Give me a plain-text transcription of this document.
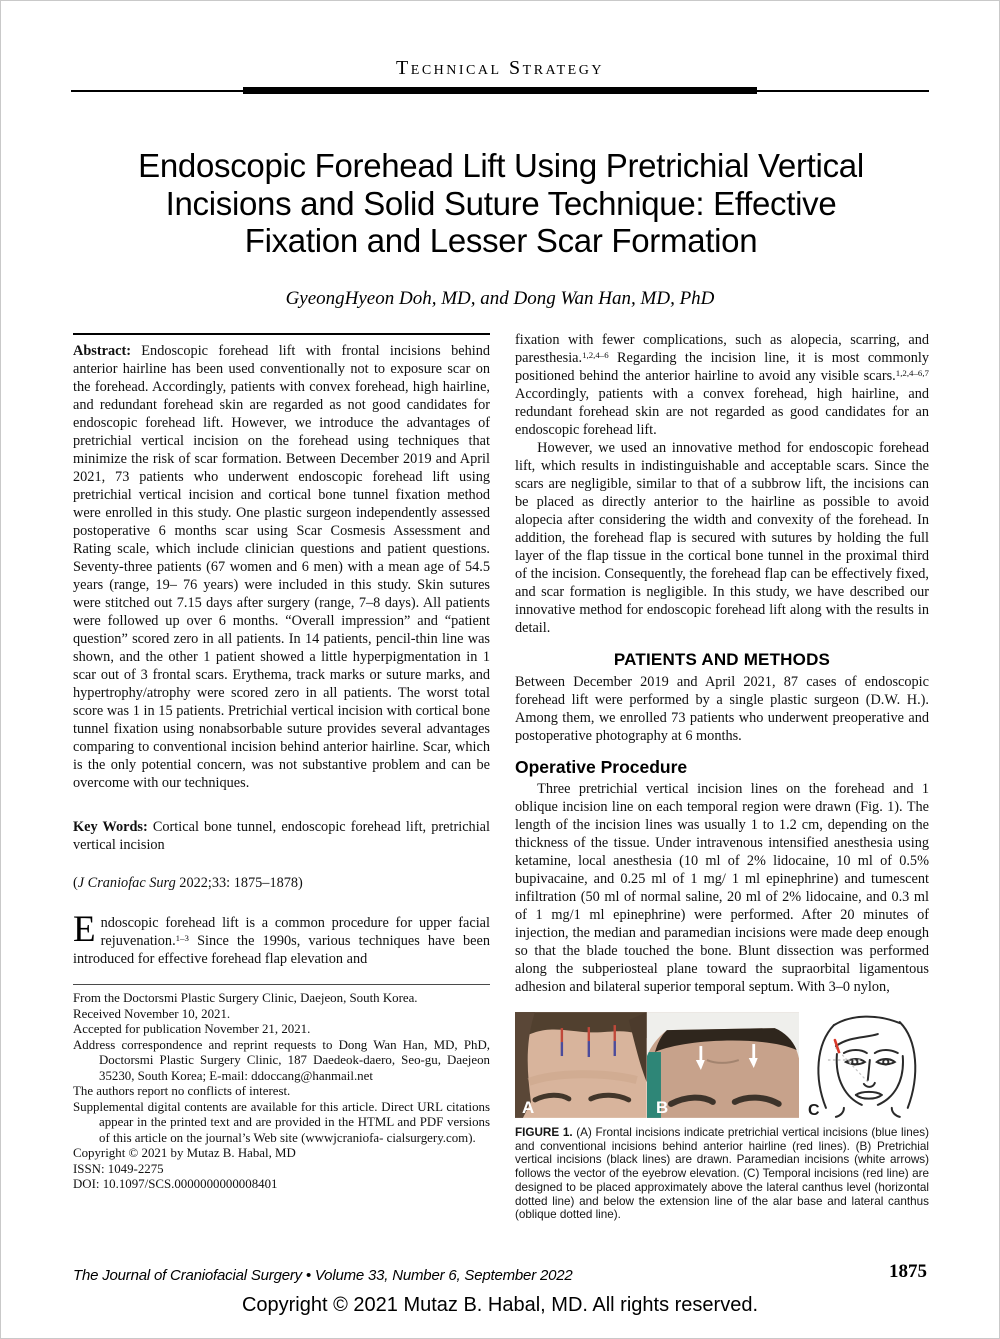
Technical Strategy
Endoscopic Forehead Lift Using Pretrichial Vertical
Incisions and Solid Suture Technique: Effective
Fixation and Lesser Scar Formation
GyeongHyeon Doh, MD, and Dong Wan Han, MD, PhD

Abstract: Endoscopic forehead lift with frontal incisions behind anterior hairline has been used conventionally not to exposure scar on the forehead. Accordingly, patients with convex forehead, high hairline, and redundant forehead skin are regarded as not good candidates for endoscopic forehead lift. However, we introduce the advantages of pretrichial vertical incision on the forehead using techniques that minimize the risk of scar formation. Between December 2019 and April 2021, 73 patients who underwent endoscopic forehead lift using pretrichial vertical incision and cortical bone tunnel fixation method were enrolled in this study. One plastic surgeon independently assessed postoperative 6 months scar using Scar Cosmesis Assessment and Rating scale, which include clinician questions and patient questions. Seventy-three patients (67 women and 6 men) with a mean age of 54.5 years (range, 19– 76 years) were included in this study. Skin sutures were stitched out 7.15 days after surgery (range, 7–8 days). All patients were followed up over 6 months. “Overall impression” and “patient question” scored zero in all patients. In 14 patients, pencil-thin line was shown, and the other 1 patient showed a little hyperpigmentation in 1 scar out of 3 frontal scars. Erythema, track marks or suture marks, and hypertrophy/atrophy were scored zero in all patients. The worst total score was 1 in 15 patients. Pretrichial vertical incision with cortical bone tunnel fixation using nonabsorbable suture provides several advantages comparing to conventional incision behind anterior hairline. Scar, which is the only potential concern, was not substantive problem and can be overcome with our techniques.

Key Words: Cortical bone tunnel, endoscopic forehead lift, pretrichial vertical incision

(J Craniofac Surg 2022;33: 1875–1878)

Endoscopic forehead lift is a common procedure for upper facial rejuvenation.$^{1-3}$ Since the 1990s, various techniques have been introduced for effective forehead flap elevation and

From the Doctorsmi Plastic Surgery Clinic, Daejeon, South Korea.
Received November 10, 2021.
Accepted for publication November 21, 2021.
Address correspondence and reprint requests to Dong Wan Han, MD, PhD, Doctorsmi Plastic Surgery Clinic, 187 Daedeok-daero, Seo-gu, Daejeon 35230, South Korea; E-mail: ddoccang@hanmail.net
The authors report no conflicts of interest.
Supplemental digital contents are available for this article. Direct URL citations appear in the printed text and are provided in the HTML and PDF versions of this article on the journal’s Web site (wwwjcraniofa- cialsurgery.com).
Copyright © 2021 by Mutaz B. Habal, MD
ISSN: 1049-2275
DOI: 10.1097/SCS.0000000000008401

fixation with fewer complications, such as alopecia, scarring, and paresthesia.$^{1,2,4-6}$ Regarding the incision line, it is most commonly positioned behind the anterior hairline to avoid any visible scars.$^{1,2,4-6,7}$ Accordingly, patients with a convex forehead, high hairline, and redundant forehead skin are not regarded as good candidates for an endoscopic forehead lift.

However, we used an innovative method for endoscopic forehead lift, which results in indistinguishable and acceptable scars. Since the scars are negligible, similar to that of a subbrow lift, the incisions can be placed as directly anterior to the hairline as possible to avoid alopecia after considering the width and convexity of the forehead. In addition, the forehead flap is secured with sutures by holding the full layer of the flap tissue in the cortical bone tunnel in the proximal third of the incision. Consequently, the forehead flap can be effectively fixed, and scar formation is negligible. In this study, we have described our innovative method for endoscopic forehead lift along with the results in detail.

PATIENTS AND METHODS

Between December 2019 and April 2021, 87 cases of endoscopic forehead lift were performed by a single plastic surgeon (D.W. H.). Among them, we enrolled 73 patients who underwent preoperative and postoperative photography at 6 months.

Operative Procedure

Three pretrichial vertical incision lines on the forehead and 1 oblique incision line on each temporal region were drawn (Fig. 1). The length of the incision lines was usually 1 to 1.2 cm, depending on the thickness of the tissue. Under intravenous intensified anesthesia using ketamine, local anesthesia (10 ml of 2% lidocaine, 10 ml of 0.5% bupivacaine, and 0.25 ml of 1 mg/ 1 ml epinephrine) and tumescent infiltration (50 ml of normal saline, 20 ml of 2% lidocaine, and 0.3 ml of 1 mg/1 ml epinephrine) were performed. After 20 minutes of injection, the median and paramedian incisions were made deep enough so that the blade touched the bone. Blunt dissection was performed along the subperiosteal plane toward the supraorbital ligamentous adhesion and bilateral superior temporal septum. With 3–0 nylon,

A	B	C

FIGURE 1. (A) Frontal incisions indicate pretrichial vertical incisions (blue lines) and conventional incisions behind anterior hairline (red lines). (B) Pretrichial vertical incisions (black lines) are drawn. Paramedian incisions (white arrows) follows the vector of the eyebrow elevation. (C) Temporal incisions (red line) are designed to be placed approximately above the lateral canthus level (horizontal dotted line) and below the extension line of the alar base and lateral canthus (oblique dotted line).

The Journal of Craniofacial Surgery • Volume 33, Number 6, September 2022	1875
Copyright © 2021 Mutaz B. Habal, MD. All rights reserved.
